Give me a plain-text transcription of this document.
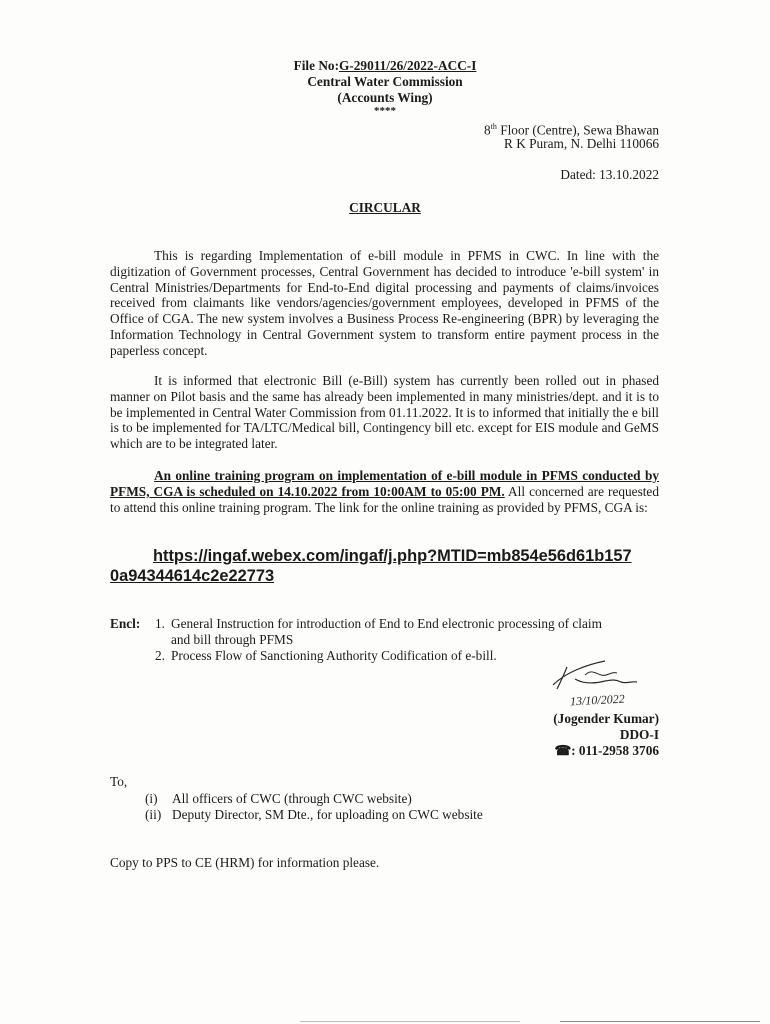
File No:G-29011/26/2022-ACC-I
Central Water Commission
(Accounts Wing)
****
8th Floor (Centre), Sewa Bhawan
R K Puram, N. Delhi 110066
Dated: 13.10.2022
CIRCULAR
This is regarding Implementation of e-bill module in PFMS in CWC. In line with the digitization of Government processes, Central Government has decided to introduce 'e-bill system' in Central Ministries/Departments for End-to-End digital processing and payments of claims/invoices received from claimants like vendors/agencies/government employees, developed in PFMS of the Office of CGA. The new system involves a Business Process Re-engineering (BPR) by leveraging the Information Technology in Central Government system to transform entire payment process in the paperless concept.
It is informed that electronic Bill (e-Bill) system has currently been rolled out in phased manner on Pilot basis and the same has already been implemented in many ministries/dept. and it is to be implemented in Central Water Commission from 01.11.2022. It is to informed that initially the e bill is to be implemented for TA/LTC/Medical bill, Contingency bill etc. except for EIS module and GeMS which are to be integrated later.
An online training program on implementation of e-bill module in PFMS conducted by PFMS, CGA is scheduled on 14.10.2022 from 10:00AM to 05:00 PM. All concerned are requested to attend this online training program. The link for the online training as provided by PFMS, CGA is:
https://ingaf.webex.com/ingaf/j.php?MTID=mb854e56d61b157
0a94344614c2e22773
Encl: 1. General Instruction for introduction of End to End electronic processing of claim
and bill through PFMS
2. Process Flow of Sanctioning Authority Codification of e-bill.
13/10/2022
(Jogender Kumar)
DDO-I
☎: 011-2958 3706
To,
(i) All officers of CWC (through CWC website)
(ii) Deputy Director, SM Dte., for uploading on CWC website
Copy to PPS to CE (HRM) for information please.
